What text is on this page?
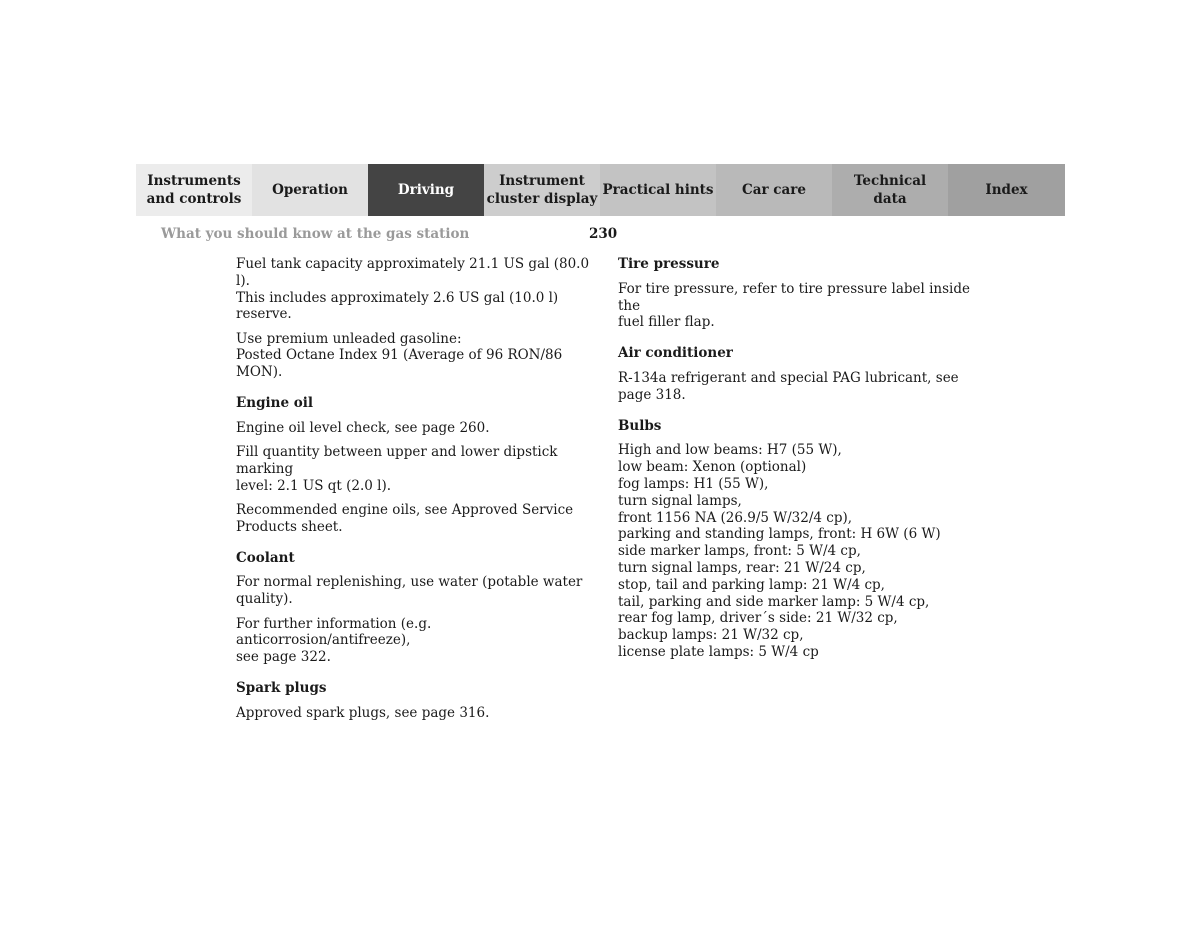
Instruments
and controls
Operation	Driving
Instrument
cluster display
Practical hints	Car care
Technical
data
Index
What you should know at the gas station	230

Fuel tank capacity approximately 21.1 US gal (80.0 l).
This includes approximately 2.6 US gal (10.0 l) reserve.

Use premium unleaded gasoline:
Posted Octane Index 91 (Average of 96 RON/86 MON).

Engine oil

Engine oil level check, see page 260.

Fill quantity between upper and lower dipstick marking
level: 2.1 US qt (2.0 l).

Recommended engine oils, see Approved Service
Products sheet.

Coolant

For normal replenishing, use water (potable water
quality).

For further information (e.g. anticorrosion/antifreeze),
see page 322.

Spark plugs

Approved spark plugs, see page 316.

Tire pressure

For tire pressure, refer to tire pressure label inside the
fuel filler flap.

Air conditioner

R-134a refrigerant and special PAG lubricant, see
page 318.

Bulbs

High and low beams: H7 (55 W),
low beam: Xenon (optional)
fog lamps: H1 (55 W),
turn signal lamps,
front 1156 NA (26.9/5 W/32/4 cp),
parking and standing lamps, front: H 6W (6 W)
side marker lamps, front: 5 W/4 cp,
turn signal lamps, rear: 21 W/24 cp,
stop, tail and parking lamp: 21 W/4 cp,
tail, parking and side marker lamp: 5 W/4 cp,
rear fog lamp, driver´s side: 21 W/32 cp,
backup lamps: 21 W/32 cp,
license plate lamps: 5 W/4 cp
